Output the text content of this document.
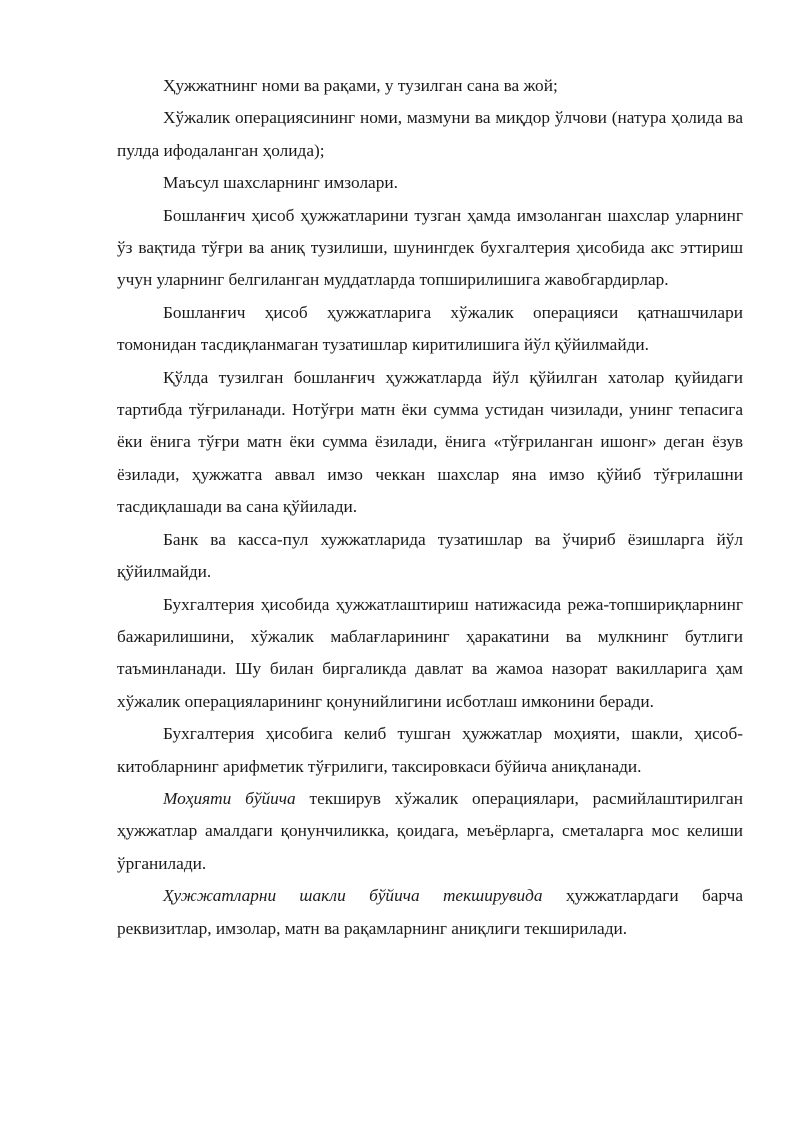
Ҳужжатнинг номи ва рақами, у тузилган сана ва жой;

Хўжалик операциясининг номи, мазмуни ва миқдор ўлчови (натура ҳолида ва пулда ифодаланган ҳолида);

Маъсул шахсларнинг имзолари.

Бошланғич ҳисоб ҳужжатларини тузган ҳамда имзоланган шахслар уларнинг ўз вақтида тўғри ва аниқ тузилиши, шунингдек бухгалтерия ҳисобида акс эттириш учун уларнинг белгиланган муддатларда топширилишига жавобгардирлар.

Бошланғич ҳисоб ҳужжатларига хўжалик операцияси қатнашчилари томонидан тасдиқланмаган тузатишлар киритилишига йўл қўйилмайди.

Қўлда тузилган бошланғич ҳужжатларда йўл қўйилган хатолар қуйидаги тартибда тўғриланади. Нотўғри матн ёки сумма устидан чизилади, унинг тепасига ёки ёнига тўғри матн ёки сумма ёзилади, ёнига «тўғриланган ишонг» деган ёзув ёзилади, ҳужжатга аввал имзо чеккан шахслар яна имзо қўйиб тўғрилашни тасдиқлашади ва сана қўйилади.

Банк ва касса-пул хужжатларида тузатишлар ва ўчириб ёзишларга йўл қўйилмайди.

Бухгалтерия ҳисобида ҳужжатлаштириш натижасида режа-топшириқларнинг бажарилишини, хўжалик маблағларининг ҳаракатини ва мулкнинг бутлиги таъминланади. Шу билан биргаликда давлат ва жамоа назорат вакилларига ҳам хўжалик операцияларининг қонунийлигини исботлаш имконини беради.

Бухгалтерия ҳисобига келиб тушган ҳужжатлар моҳияти, шакли, ҳисоб-китобларнинг арифметик тўғрилиги, таксировкаси бўйича аниқланади.

Моҳияти бўйича текширув хўжалик операциялари, расмийлаштирилган ҳужжатлар амалдаги қонунчиликка, қоидага, меъёрларга, сметаларга мос келиши ўрганилади.

Ҳужжатларни шакли бўйича текширувида ҳужжатлардаги барча реквизитлар, имзолар, матн ва рақамларнинг аниқлиги текширилади.
